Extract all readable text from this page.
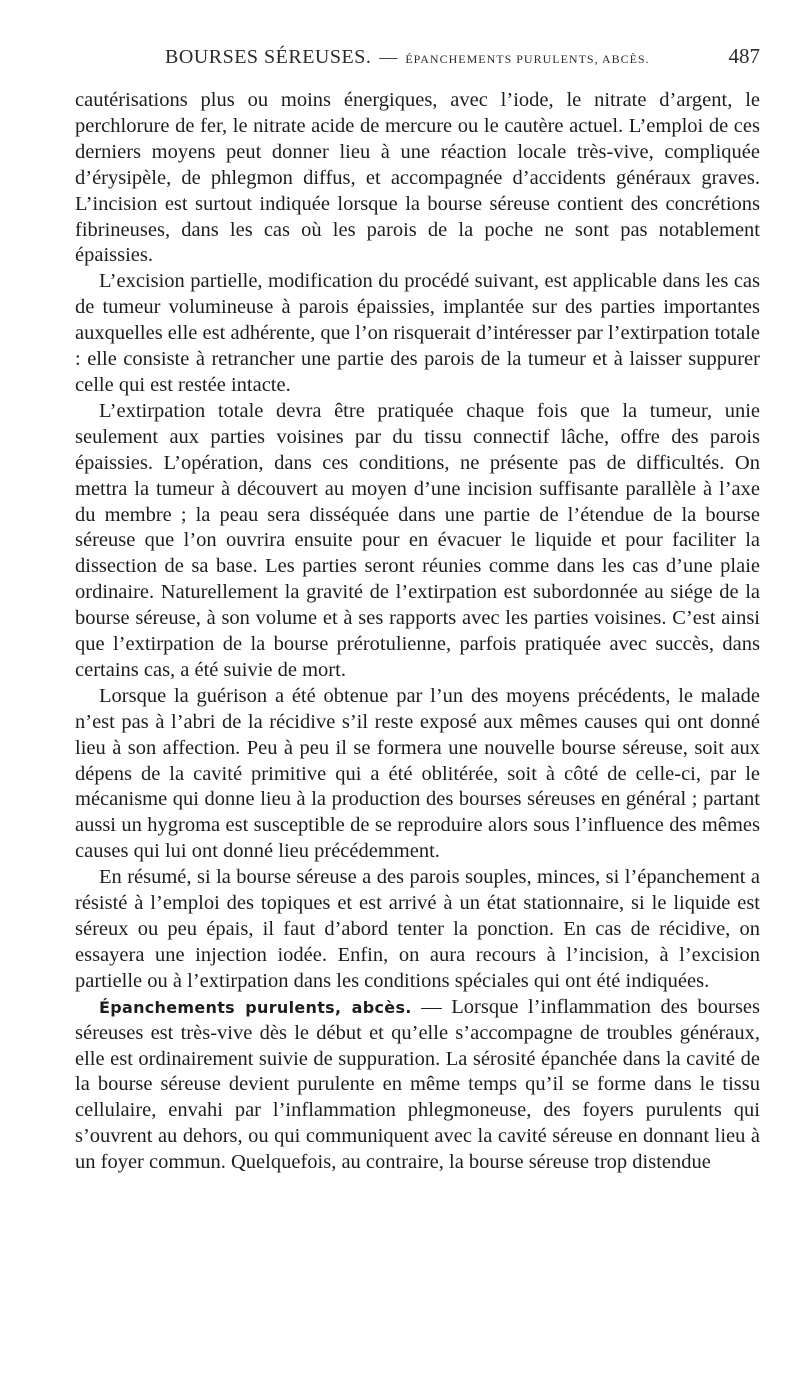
BOURSES SÉREUSES. — ÉPANCHEMENTS PURULENTS, ABCÈS.	487

cautérisations plus ou moins énergiques, avec l’iode, le nitrate d’argent, le perchlorure de fer, le nitrate acide de mercure ou le cautère actuel. L’emploi de ces derniers moyens peut donner lieu à une réaction locale très-vive, compliquée d’érysipèle, de phlegmon diffus, et accompagnée d’accidents généraux graves. L’incision est surtout indiquée lorsque la bourse séreuse contient des concrétions fibrineuses, dans les cas où les parois de la poche ne sont pas notablement épaissies.

L’excision partielle, modification du procédé suivant, est applicable dans les cas de tumeur volumineuse à parois épaissies, implantée sur des parties importantes auxquelles elle est adhérente, que l’on risquerait d’intéresser par l’extirpation totale : elle consiste à retrancher une partie des parois de la tumeur et à laisser suppurer celle qui est restée intacte.

L’extirpation totale devra être pratiquée chaque fois que la tumeur, unie seulement aux parties voisines par du tissu connectif lâche, offre des parois épaissies. L’opération, dans ces conditions, ne présente pas de difficultés. On mettra la tumeur à découvert au moyen d’une incision suffisante parallèle à l’axe du membre ; la peau sera disséquée dans une partie de l’étendue de la bourse séreuse que l’on ouvrira ensuite pour en évacuer le liquide et pour faciliter la dissection de sa base. Les parties seront réunies comme dans les cas d’une plaie ordinaire. Naturellement la gravité de l’extirpation est subordonnée au siége de la bourse séreuse, à son volume et à ses rapports avec les parties voisines. C’est ainsi que l’extirpation de la bourse prérotulienne, parfois pratiquée avec succès, dans certains cas, a été suivie de mort.

Lorsque la guérison a été obtenue par l’un des moyens précédents, le malade n’est pas à l’abri de la récidive s’il reste exposé aux mêmes causes qui ont donné lieu à son affection. Peu à peu il se formera une nouvelle bourse séreuse, soit aux dépens de la cavité primitive qui a été oblitérée, soit à côté de celle-ci, par le mécanisme qui donne lieu à la production des bourses séreuses en général ; partant aussi un hygroma est susceptible de se reproduire alors sous l’influence des mêmes causes qui lui ont donné lieu précédemment.

En résumé, si la bourse séreuse a des parois souples, minces, si l’épanchement a résisté à l’emploi des topiques et est arrivé à un état stationnaire, si le liquide est séreux ou peu épais, il faut d’abord tenter la ponction. En cas de récidive, on essayera une injection iodée. Enfin, on aura recours à l’incision, à l’excision partielle ou à l’extirpation dans les conditions spéciales qui ont été indiquées.

Épanchements purulents, abcès. — Lorsque l’inflammation des bourses séreuses est très-vive dès le début et qu’elle s’accompagne de troubles généraux, elle est ordinairement suivie de suppuration. La sérosité épanchée dans la cavité de la bourse séreuse devient purulente en même temps qu’il se forme dans le tissu cellulaire, envahi par l’inflammation phlegmoneuse, des foyers purulents qui s’ouvrent au dehors, ou qui communiquent avec la cavité séreuse en donnant lieu à un foyer commun. Quelquefois, au contraire, la bourse séreuse trop distendue
